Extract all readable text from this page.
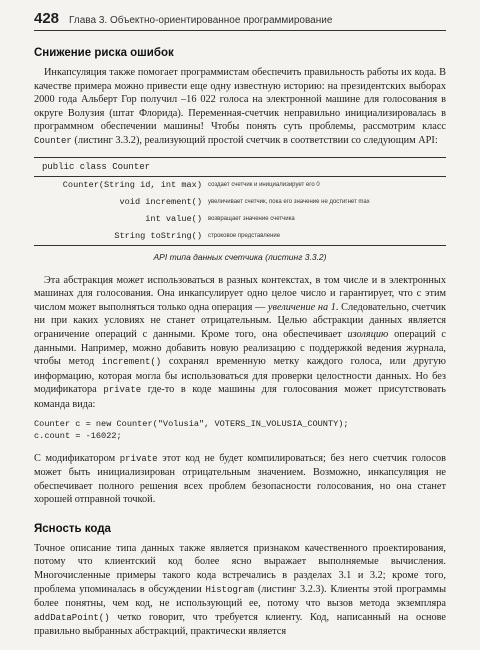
428 Глава 3. Объектно-ориентированное программирование
Снижение риска ошибок

Инкапсуляция также помогает программистам обеспечить правильность работы их кода. В качестве примера можно привести еще одну известную историю: на президентских выборах 2000 года Альберт Гор получил –16 022 голоса на электронной машине для голосования в округе Волузия (штат Флорида). Переменная-счетчик неправильно инициализировалась в программном обеспечении машины! Чтобы понять суть проблемы, рассмотрим класс Counter (листинг 3.3.2), реализующий простой счетчик в соответствии со следующим API:

public class Counter
Counter(String id, int max)	создает счетчик и инициализирует его 0
void increment()	увеличивает счетчик, пока его значение не достигнет max
int value()	возвращает значение счетчика
String toString()	строковое представление
API типа данных счетчика (листинг 3.3.2)

Эта абстракция может использоваться в разных контекстах, в том числе и в электронных машинах для голосования. Она инкапсулирует одно целое число и гарантирует, что с этим числом может выполняться только одна операция — увеличение на 1. Следовательно, счетчик ни при каких условиях не станет отрицательным. Целью абстракции данных является ограничение операций с данными. Кроме того, она обеспечивает изоляцию операций с данными. Например, можно добавить новую реализацию с поддержкой ведения журнала, чтобы метод increment() сохранял временную метку каждого голоса, или другую информацию, которая могла бы использоваться для проверки целостности данных. Но без модификатора private где-то в коде машины для голосования может присутствовать команда вида:

Counter c = new Counter("Volusia", VOTERS_IN_VOLUSIA_COUNTY);
c.count = -16022;

С модификатором private этот код не будет компилироваться; без него счетчик голосов может быть инициализирован отрицательным значением. Возможно, инкапсуляция не обеспечивает полного решения всех проблем безопасности голосования, но она станет хорошей отправной точкой.

Ясность кода

Точное описание типа данных также является признаком качественного проектирования, потому что клиентский код более ясно выражает выполняемые вычисления. Многочисленные примеры такого кода встречались в разделах 3.1 и 3.2; кроме того, проблема упоминалась в обсуждении Histogram (листинг 3.2.3). Клиенты этой программы более понятны, чем код, не использующий ее, потому что вызов метода экземпляра addDataPoint() четко говорит, что требуется клиенту. Код, написанный на основе правильно выбранных абстракций, практически является
